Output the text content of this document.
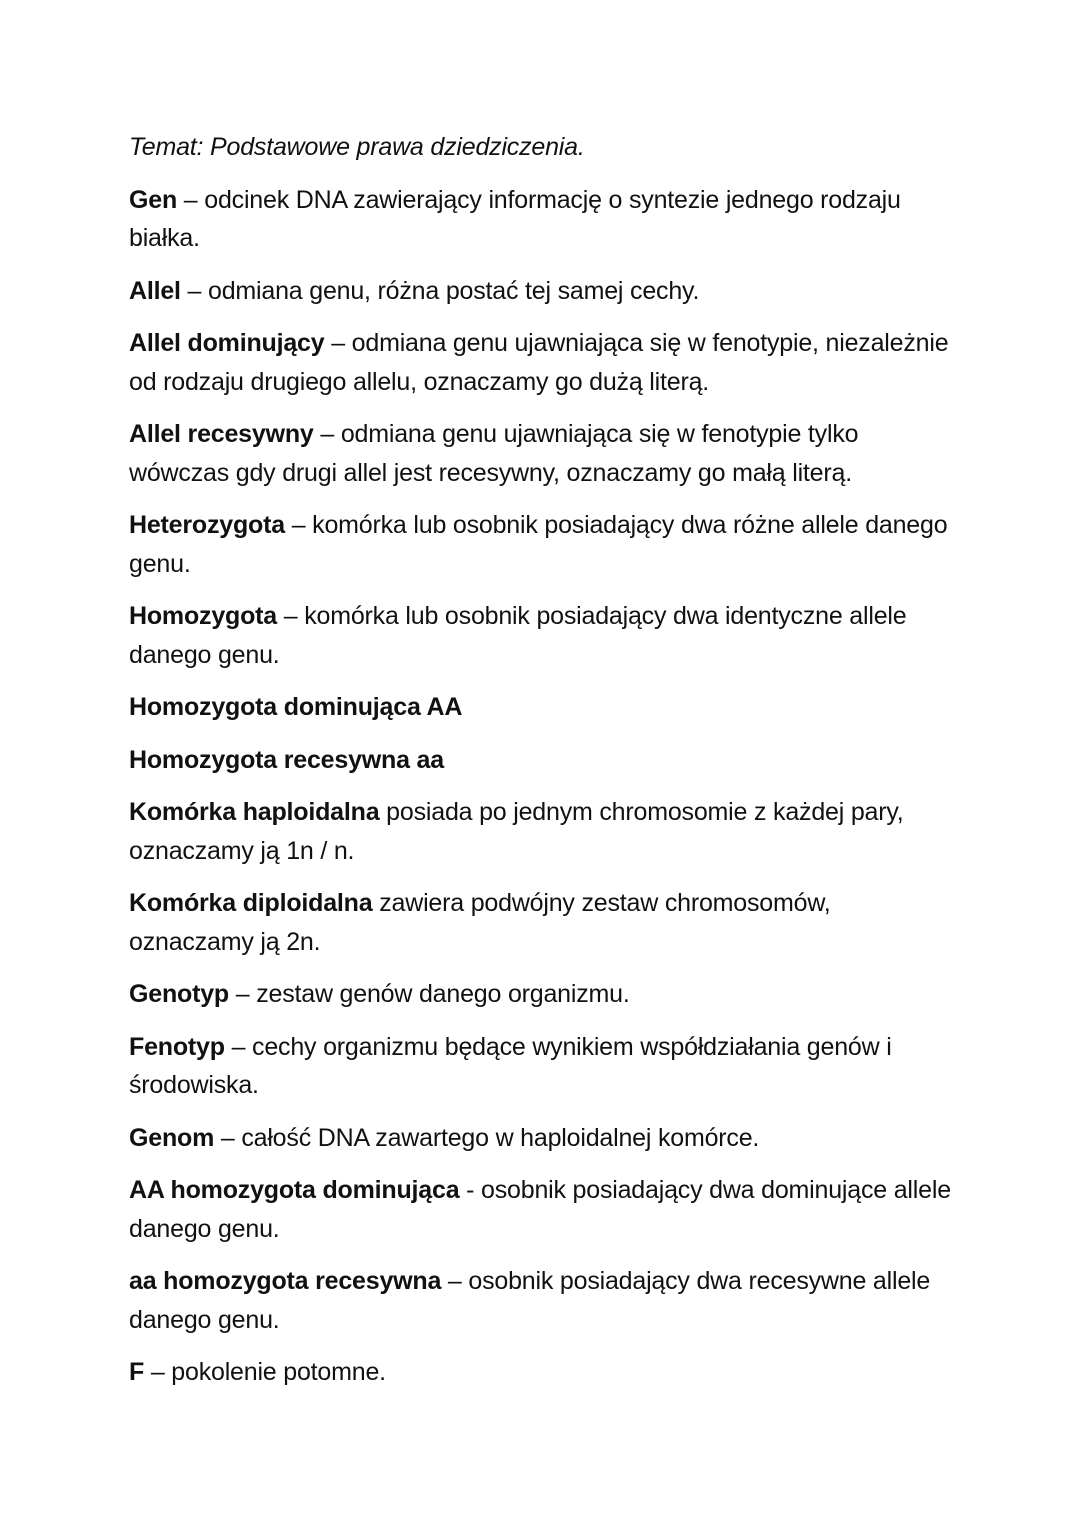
Temat: Podstawowe prawa dziedziczenia.

Gen – odcinek DNA zawierający informację o syntezie jednego rodzaju białka.

Allel – odmiana genu, różna postać tej samej cechy.

Allel dominujący – odmiana genu ujawniająca się w fenotypie, niezależnie od rodzaju drugiego allelu, oznaczamy go dużą literą.

Allel recesywny – odmiana genu ujawniająca się w fenotypie tylko wówczas gdy drugi allel jest recesywny, oznaczamy go małą literą.

Heterozygota – komórka lub osobnik posiadający dwa różne allele danego genu.

Homozygota – komórka lub osobnik posiadający dwa identyczne allele danego genu.

Homozygota dominująca AA

Homozygota recesywna aa

Komórka haploidalna posiada po jednym chromosomie z każdej pary, oznaczamy ją 1n / n.

Komórka diploidalna zawiera podwójny zestaw chromosomów, oznaczamy ją 2n.

Genotyp – zestaw genów danego organizmu.

Fenotyp – cechy organizmu będące wynikiem współdziałania genów i środowiska.

Genom – całość DNA zawartego w haploidalnej komórce.

AA homozygota dominująca - osobnik posiadający dwa dominujące allele danego genu.

aa homozygota recesywna – osobnik posiadający dwa recesywne allele danego genu.

F – pokolenie potomne.
